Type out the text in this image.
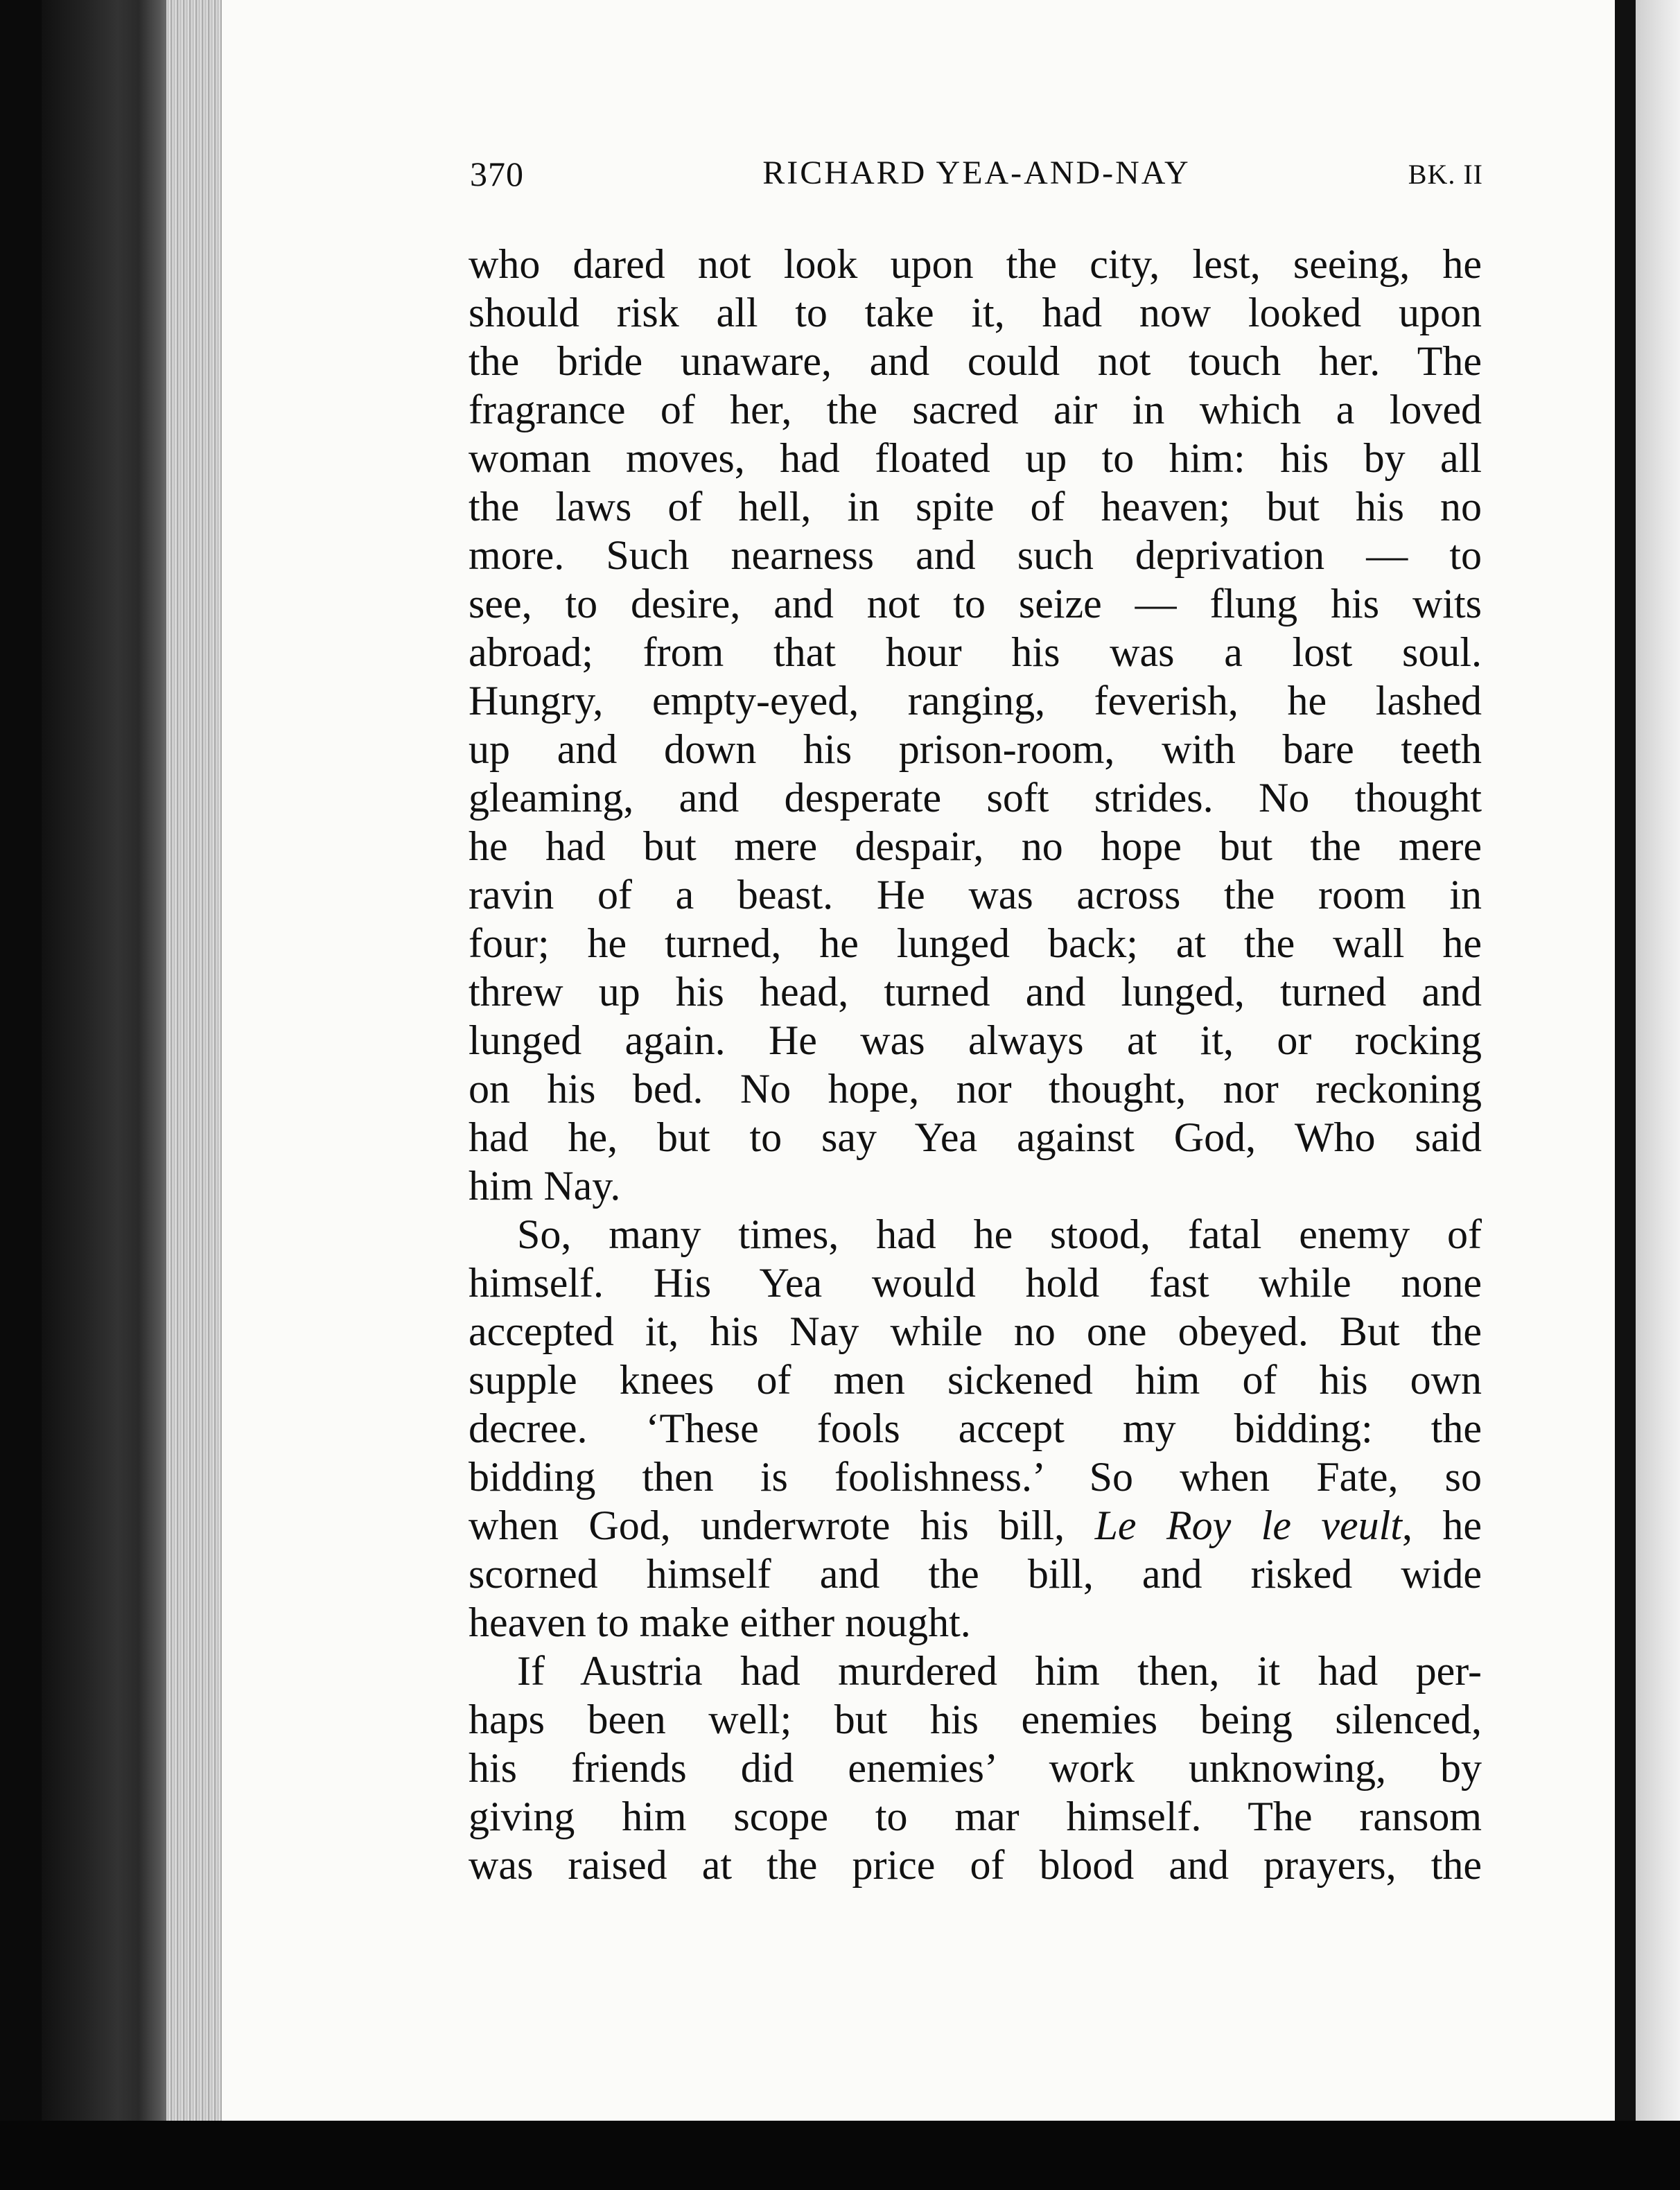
370	RICHARD YEA-AND-NAY	BK. II
who dared not look upon the city, lest, seeing, he
should risk all to take it, had now looked upon
the bride unaware, and could not touch her. The
fragrance of her, the sacred air in which a loved
woman moves, had floated up to him: his by all
the laws of hell, in spite of heaven; but his no
more. Such nearness and such deprivation — to
see, to desire, and not to seize — flung his wits
abroad; from that hour his was a lost soul.
Hungry, empty-eyed, ranging, feverish, he lashed
up and down his prison-room, with bare teeth
gleaming, and desperate soft strides. No thought
he had but mere despair, no hope but the mere
ravin of a beast. He was across the room in
four; he turned, he lunged back; at the wall he
threw up his head, turned and lunged, turned and
lunged again. He was always at it, or rocking
on his bed. No hope, nor thought, nor reckoning
had he, but to say Yea against God, Who said
him Nay.
So, many times, had he stood, fatal enemy of
himself. His Yea would hold fast while none
accepted it, his Nay while no one obeyed. But the
supple knees of men sickened him of his own
decree. ‘These fools accept my bidding: the
bidding then is foolishness.’ So when Fate, so
when God, underwrote his bill, Le Roy le veult, he
scorned himself and the bill, and risked wide
heaven to make either nought.
If Austria had murdered him then, it had per-
haps been well; but his enemies being silenced,
his friends did enemies’ work unknowing, by
giving him scope to mar himself. The ransom
was raised at the price of blood and prayers, the
